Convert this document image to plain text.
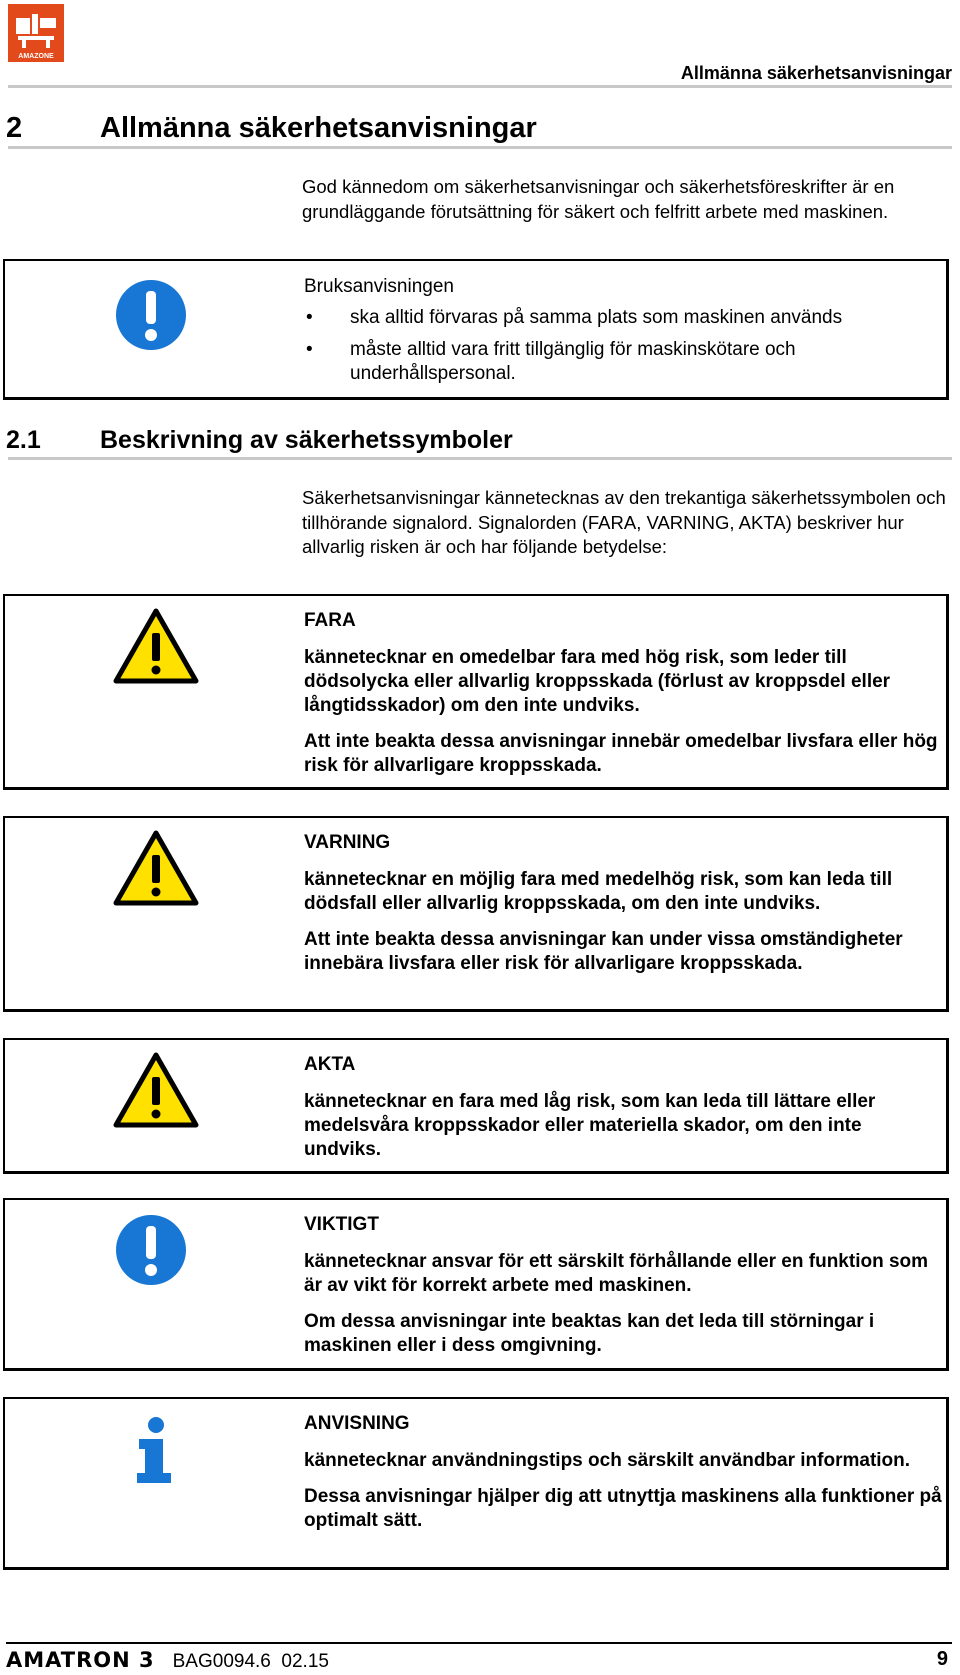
AMAZONE
Allmänna säkerhetsanvisningar
2	Allmänna säkerhetsanvisningar
God kännedom om säkerhetsanvisningar och säkerhetsföreskrifter är en grundläggande förutsättning för säkert och felfritt arbete med maskinen.
Bruksanvisningen
• ska alltid förvaras på samma plats som maskinen används
• måste alltid vara fritt tillgänglig för maskinskötare och underhållspersonal.
2.1 Beskrivning av säkerhetssymboler
Säkerhetsanvisningar kännetecknas av den trekantiga säkerhetssymbolen och tillhörande signalord. Signalorden (FARA, VARNING, AKTA) beskriver hur allvarlig risken är och har följande betydelse:
FARA
kännetecknar en omedelbar fara med hög risk, som leder till dödsolycka eller allvarlig kroppsskada (förlust av kroppsdel eller långtidsskador) om den inte undviks.
Att inte beakta dessa anvisningar innebär omedelbar livsfara eller hög risk för allvarligare kroppsskada.
VARNING
kännetecknar en möjlig fara med medelhög risk, som kan leda till dödsfall eller allvarlig kroppsskada, om den inte undviks.
Att inte beakta dessa anvisningar kan under vissa omständigheter innebära livsfara eller risk för allvarligare kroppsskada.
AKTA
kännetecknar en fara med låg risk, som kan leda till lättare eller medelsvåra kroppsskador eller materiella skador, om den inte undviks.
VIKTIGT
kännetecknar ansvar för ett särskilt förhållande eller en funktion som är av vikt för korrekt arbete med maskinen.
Om dessa anvisningar inte beaktas kan det leda till störningar i maskinen eller i dess omgivning.
ANVISNING
kännetecknar användningstips och särskilt användbar information.
Dessa anvisningar hjälper dig att utnyttja maskinens alla funktioner på optimalt sätt.
AMATRON 3 BAG0094.6  02.15	9
